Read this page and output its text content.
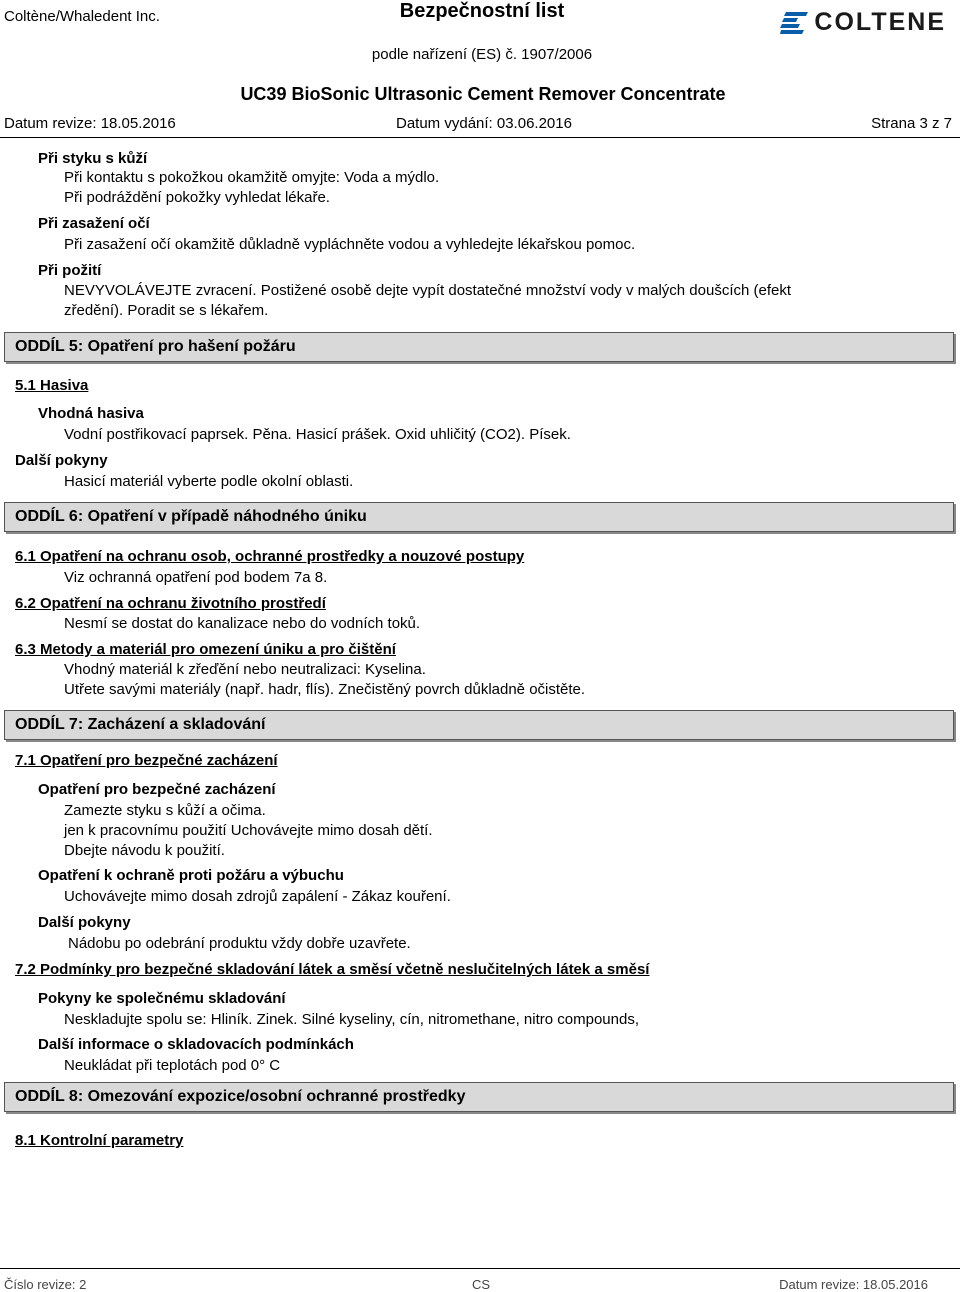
Coltène/Whaledent Inc.	Bezpečnostní list
podle nařízení (ES) č. 1907/2006
COLTENE
UC39 BioSonic Ultrasonic Cement Remover Concentrate
Datum revize: 18.05.2016	Datum vydání: 03.06.2016	Strana 3 z 7
Při styku s kůží
Při kontaktu s pokožkou okamžitě omyjte: Voda a mýdlo.
Při podráždění pokožky vyhledat lékaře.
Při zasažení očí
Při zasažení očí okamžitě důkladně vypláchněte vodou a vyhledejte lékařskou pomoc.
Při požití
NEVYVOLÁVEJTE zvracení. Postižené osobě dejte vypít dostatečné množství vody v malých doušcích (efekt
zředění). Poradit se s lékařem.
ODDÍL 5: Opatření pro hašení požáru
5.1 Hasiva
Vhodná hasiva
Vodní postřikovací paprsek. Pěna. Hasicí prášek. Oxid uhličitý (CO2). Písek.
Další pokyny
Hasicí materiál vyberte podle okolní oblasti.
ODDÍL 6: Opatření v případě náhodného úniku
6.1 Opatření na ochranu osob, ochranné prostředky a nouzové postupy
Viz ochranná opatření pod bodem 7a 8.
6.2 Opatření na ochranu životního prostředí
Nesmí se dostat do kanalizace nebo do vodních toků.
6.3 Metody a materiál pro omezení úniku a pro čištění
Vhodný materiál k zřeďění nebo neutralizaci: Kyselina.
Utřete savými materiály (např. hadr, flís). Znečistěný povrch důkladně očistěte.
ODDÍL 7: Zacházení a skladování
7.1 Opatření pro bezpečné zacházení
Opatření pro bezpečné zacházení
Zamezte styku s kůží a očima.
jen k pracovnímu použití Uchovávejte mimo dosah dětí.
Dbejte návodu k použití.
Opatření k ochraně proti požáru a výbuchu
Uchovávejte mimo dosah zdrojů zapálení - Zákaz kouření.
Další pokyny
Nádobu po odebrání produktu vždy dobře uzavřete.
7.2 Podmínky pro bezpečné skladování látek a směsí včetně neslučitelných látek a směsí
Pokyny ke společnému skladování
Neskladujte spolu se: Hliník. Zinek. Silné kyseliny, cín, nitromethane, nitro compounds,
Další informace o skladovacích podmínkách
Neukládat při teplotách pod 0° C
ODDÍL 8: Omezování expozice/osobní ochranné prostředky
8.1 Kontrolní parametry
Číslo revize: 2	CS	Datum revize: 18.05.2016
